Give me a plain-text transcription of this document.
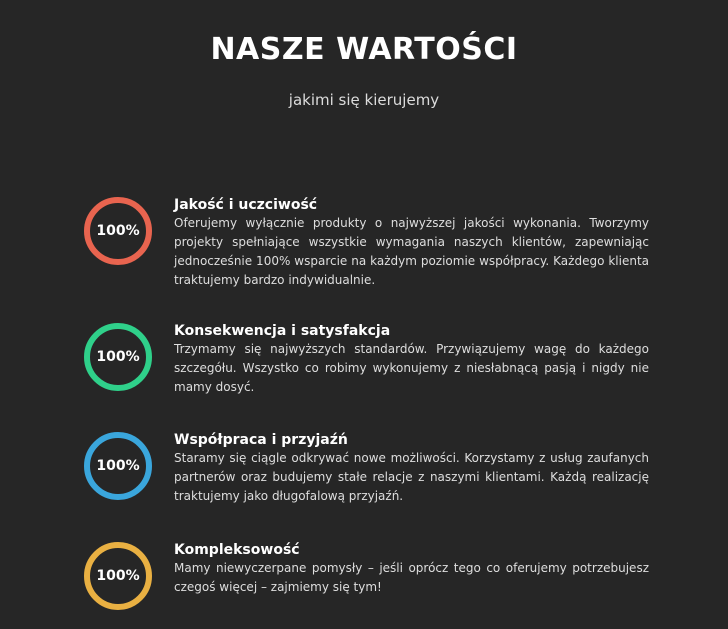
NASZE WARTOŚCI
jakimi się kierujemy
100%

Jakość i uczciwość

Oferujemy wyłącznie produkty o najwyższej jakości wykonania. Tworzymy projekty spełniające wszystkie wymagania naszych klientów, zapewniając jednocześnie 100% wsparcie na każdym poziomie współpracy. Każdego klienta traktujemy bardzo indywidualnie.

100%

Konsekwencja i satysfakcja

Trzymamy się najwyższych standardów. Przywiązujemy wagę do każdego szczegółu. Wszystko co robimy wykonujemy z niesłabnącą pasją i nigdy nie mamy dosyć.

100%

Współpraca i przyjaźń

Staramy się ciągle odkrywać nowe możliwości. Korzystamy z usług zaufanych partnerów oraz budujemy stałe relacje z naszymi klientami. Każdą realizację traktujemy jako długofalową przyjaźń.

100%

Kompleksowość

Mamy niewyczerpane pomysły – jeśli oprócz tego co oferujemy potrzebujesz czegoś więcej – zajmiemy się tym!
